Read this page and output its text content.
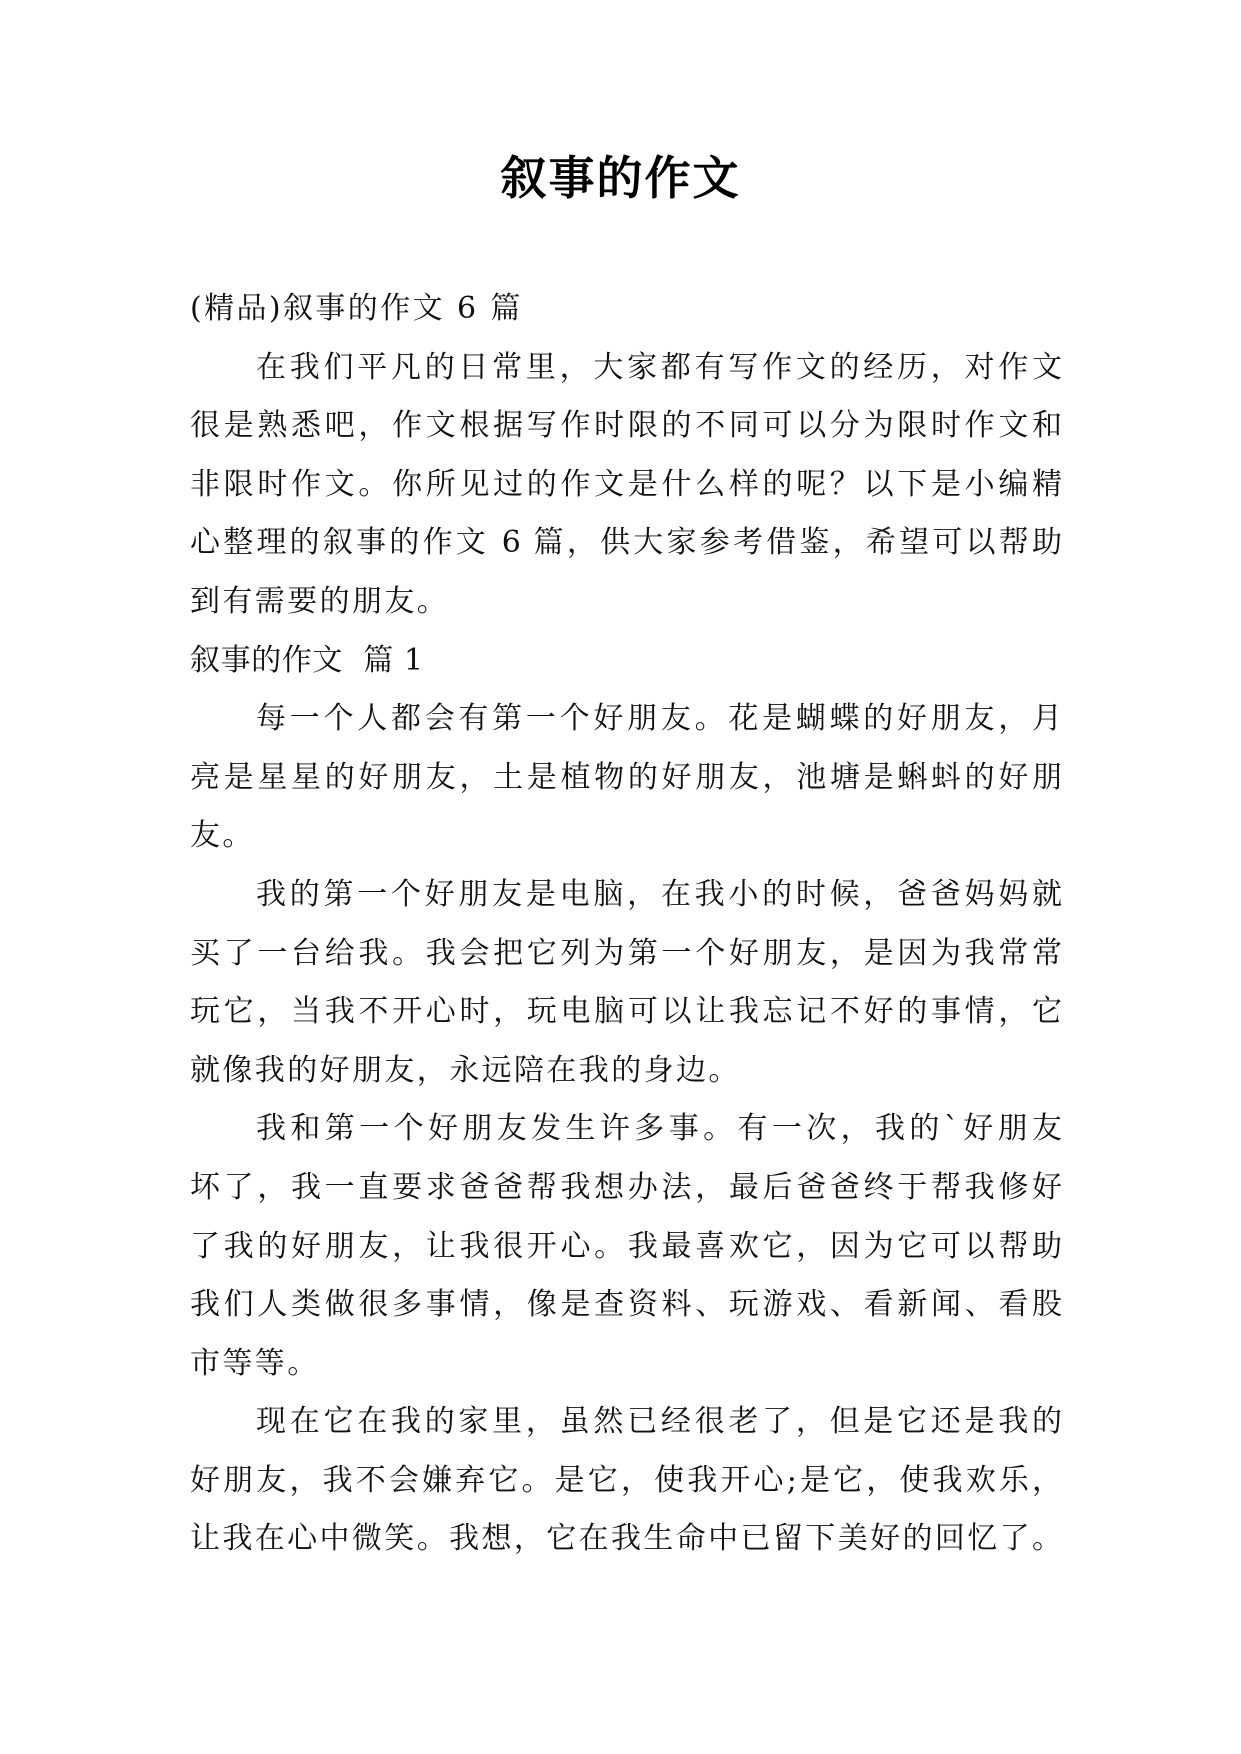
叙事的作文
(精品)叙事的作文 6 篇
在我们平凡的日常里，大家都有写作文的经历，对作文
很是熟悉吧，作文根据写作时限的不同可以分为限时作文和
非限时作文。你所见过的作文是什么样的呢？以下是小编精
心整理的叙事的作文 6 篇，供大家参考借鉴，希望可以帮助
到有需要的朋友。
叙事的作文  篇 1
每一个人都会有第一个好朋友。花是蝴蝶的好朋友，月
亮是星星的好朋友，土是植物的好朋友，池塘是蝌蚪的好朋
友。
我的第一个好朋友是电脑，在我小的时候，爸爸妈妈就
买了一台给我。我会把它列为第一个好朋友，是因为我常常
玩它，当我不开心时，玩电脑可以让我忘记不好的事情，它
就像我的好朋友，永远陪在我的身边。
我和第一个好朋友发生许多事。有一次，我的`好朋友
坏了，我一直要求爸爸帮我想办法，最后爸爸终于帮我修好
了我的好朋友，让我很开心。我最喜欢它，因为它可以帮助
我们人类做很多事情，像是查资料、玩游戏、看新闻、看股
市等等。
现在它在我的家里，虽然已经很老了，但是它还是我的
好朋友，我不会嫌弃它。是它，使我开心;是它，使我欢乐，
让我在心中微笑。我想，它在我生命中已留下美好的回忆了。
